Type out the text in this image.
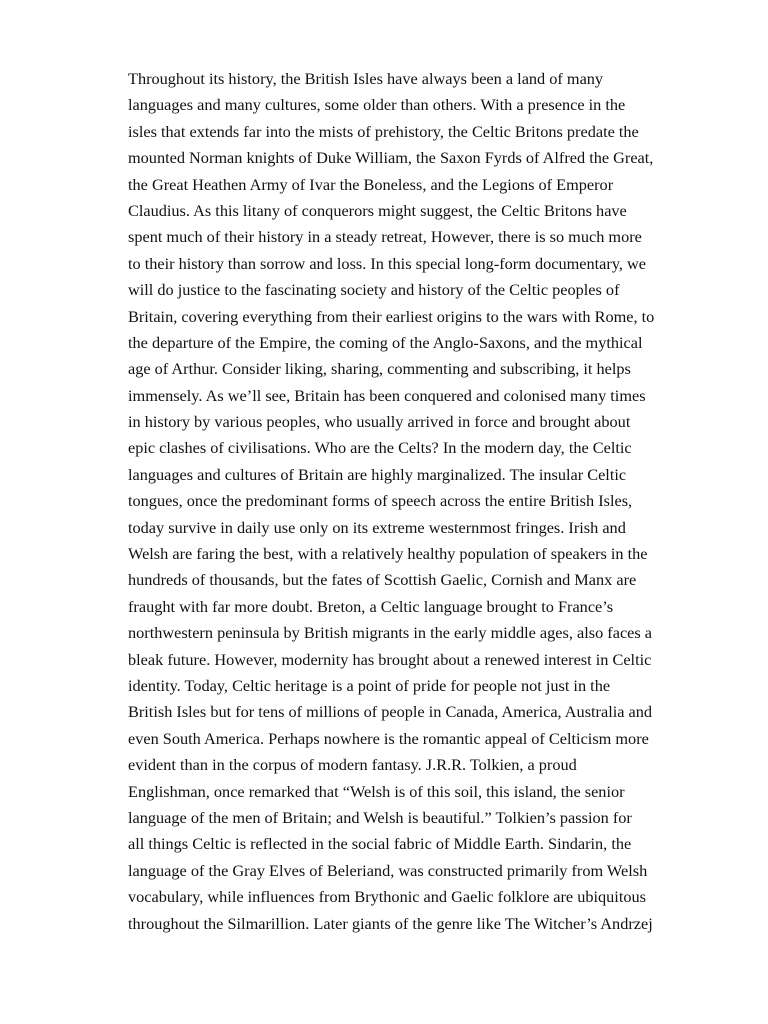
Throughout its history, the British Isles have always been a land of many
languages and many cultures, some older than others. With a presence in the
isles that extends far into the mists of prehistory, the Celtic Britons predate the
mounted Norman knights of Duke William, the Saxon Fyrds of Alfred the Great,
the Great Heathen Army of Ivar the Boneless, and the Legions of Emperor
Claudius. As this litany of conquerors might suggest, the Celtic Britons have
spent much of their history in a steady retreat, However, there is so much more
to their history than sorrow and loss. In this special long-form documentary, we
will do justice to the fascinating society and history of the Celtic peoples of
Britain, covering everything from their earliest origins to the wars with Rome, to
the departure of the Empire, the coming of the Anglo-Saxons, and the mythical
age of Arthur. Consider liking, sharing, commenting and subscribing, it helps
immensely. As we’ll see, Britain has been conquered and colonised many times
in history by various peoples, who usually arrived in force and brought about
epic clashes of civilisations. Who are the Celts? In the modern day, the Celtic
languages and cultures of Britain are highly marginalized. The insular Celtic
tongues, once the predominant forms of speech across the entire British Isles,
today survive in daily use only on its extreme westernmost fringes. Irish and
Welsh are faring the best, with a relatively healthy population of speakers in the
hundreds of thousands, but the fates of Scottish Gaelic, Cornish and Manx are
fraught with far more doubt. Breton, a Celtic language brought to France’s
northwestern peninsula by British migrants in the early middle ages, also faces a
bleak future. However, modernity has brought about a renewed interest in Celtic
identity. Today, Celtic heritage is a point of pride for people not just in the
British Isles but for tens of millions of people in Canada, America, Australia and
even South America. Perhaps nowhere is the romantic appeal of Celticism more
evident than in the corpus of modern fantasy. J.R.R. Tolkien, a proud
Englishman, once remarked that “Welsh is of this soil, this island, the senior
language of the men of Britain; and Welsh is beautiful.” Tolkien’s passion for
all things Celtic is reflected in the social fabric of Middle Earth. Sindarin, the
language of the Gray Elves of Beleriand, was constructed primarily from Welsh
vocabulary, while influences from Brythonic and Gaelic folklore are ubiquitous
throughout the Silmarillion. Later giants of the genre like The Witcher’s Andrzej
